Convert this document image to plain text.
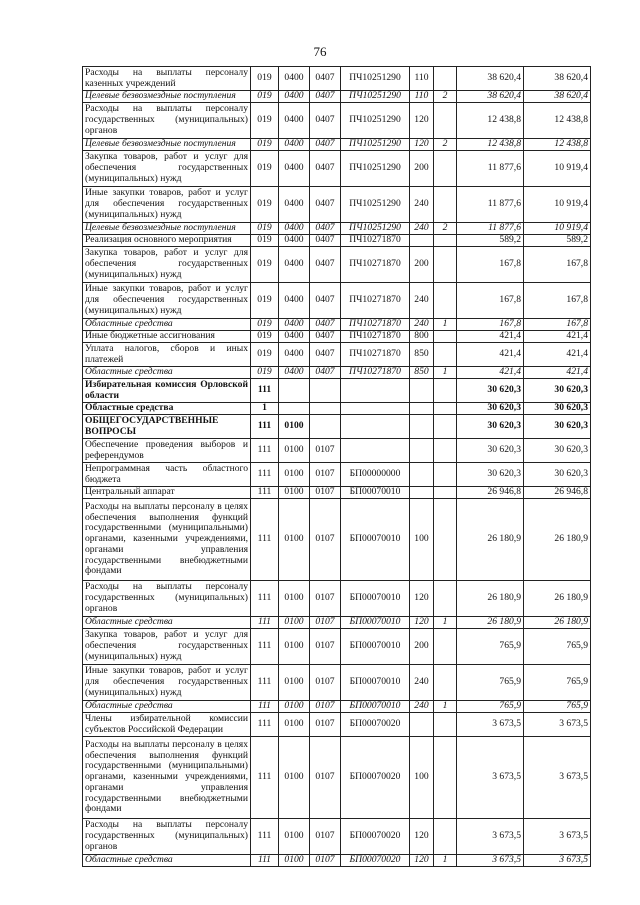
76
Расходы на выплаты персоналу казенных учреждений	019	0400	0407	ПЧ10251290	110		38 620,4	38 620,4
Целевые безвозмездные поступления	019	0400	0407	ПЧ10251290	110	2	38 620,4	38 620,4
Расходы на выплаты персоналу государственных (муниципальных) органов	019	0400	0407	ПЧ10251290	120		12 438,8	12 438,8
Целевые безвозмездные поступления	019	0400	0407	ПЧ10251290	120	2	12 438,8	12 438,8
Закупка товаров, работ и услуг для обеспечения государственных (муниципальных) нужд	019	0400	0407	ПЧ10251290	200		11 877,6	10 919,4
Иные закупки товаров, работ и услуг для обеспечения государственных (муниципальных) нужд	019	0400	0407	ПЧ10251290	240		11 877,6	10 919,4
Целевые безвозмездные поступления	019	0400	0407	ПЧ10251290	240	2	11 877,6	10 919,4
Реализация основного мероприятия	019	0400	0407	ПЧ10271870			589,2	589,2
Закупка товаров, работ и услуг для обеспечения государственных (муниципальных) нужд	019	0400	0407	ПЧ10271870	200		167,8	167,8
Иные закупки товаров, работ и услуг для обеспечения государственных (муниципальных) нужд	019	0400	0407	ПЧ10271870	240		167,8	167,8
Областные средства	019	0400	0407	ПЧ10271870	240	1	167,8	167,8
Иные бюджетные ассигнования	019	0400	0407	ПЧ10271870	800		421,4	421,4
Уплата налогов, сборов и иных платежей	019	0400	0407	ПЧ10271870	850		421,4	421,4
Областные средства	019	0400	0407	ПЧ10271870	850	1	421,4	421,4
Избирательная комиссия Орловской области	111						30 620,3	30 620,3
Областные средства	1						30 620,3	30 620,3
ОБЩЕГОСУДАРСТВЕННЫЕ ВОПРОСЫ	111	0100					30 620,3	30 620,3
Обеспечение проведения выборов и референдумов	111	0100	0107				30 620,3	30 620,3
Непрограммная часть областного бюджета	111	0100	0107	БП00000000			30 620,3	30 620,3
Центральный аппарат	111	0100	0107	БП00070010			26 946,8	26 946,8
Расходы на выплаты персоналу в целях обеспечения выполнения функций государственными (муниципальными) органами, казенными учреждениями, органами управления государственными внебюджетными фондами	111	0100	0107	БП00070010	100		26 180,9	26 180,9
Расходы на выплаты персоналу государственных (муниципальных) органов	111	0100	0107	БП00070010	120		26 180,9	26 180,9
Областные средства	111	0100	0107	БП00070010	120	1	26 180,9	26 180,9
Закупка товаров, работ и услуг для обеспечения государственных (муниципальных) нужд	111	0100	0107	БП00070010	200		765,9	765,9
Иные закупки товаров, работ и услуг для обеспечения государственных (муниципальных) нужд	111	0100	0107	БП00070010	240		765,9	765,9
Областные средства	111	0100	0107	БП00070010	240	1	765,9	765,9
Члены избирательной комиссии субъектов Российской Федерации	111	0100	0107	БП00070020			3 673,5	3 673,5
Расходы на выплаты персоналу в целях обеспечения выполнения функций государственными (муниципальными) органами, казенными учреждениями, органами управления государственными внебюджетными фондами	111	0100	0107	БП00070020	100		3 673,5	3 673,5
Расходы на выплаты персоналу государственных (муниципальных) органов	111	0100	0107	БП00070020	120		3 673,5	3 673,5
Областные средства	111	0100	0107	БП00070020	120	1	3 673,5	3 673,5
